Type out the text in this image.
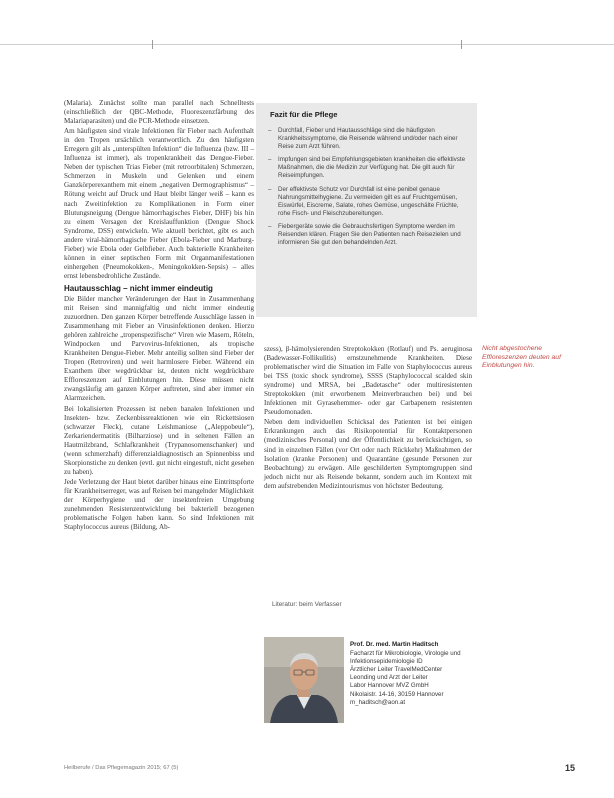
(Malaria). Zunächst sollte man parallel nach Schnelltests (einschließlich der QBC-Methode, Fluoreszenzfärbung des Malariaparasiten) und die PCR-Methode einsetzen.

Am häufigsten sind virale Infektionen für Fieber nach Aufenthalt in den Tropen ursächlich verantwortlich. Zu den häufigsten Erregern gilt als „unterspülten Infektion“ die Influenza (bzw. III – Influenza ist immer), als tropenkrankheit das Dengue-Fieber. Neben der typischen Trias Fieber (mit retroorbitalen) Schmerzen, Schmerzen in Muskeln und Gelenken und einem Ganzkörperexanthem mit einem „negativen Dermographismus“ – Rötung weicht auf Druck und Haut bleibt länger weiß – kann es nach Zweitinfektion zu Komplikationen in Form einer Blutungsneigung (Dengue hämorrhagisches Fieber, DHF) bis hin zu einem Versagen der Kreislauffunktion (Dengue Shock Syndrome, DSS) entwickeln. Wie aktuell berichtet, gibt es auch andere viral-hämorrhagische Fieber (Ebola-Fieber und Marburg-Fieber) wie Ebola oder Gelbfieber. Auch bakterielle Krankheiten können in einer septischen Form mit Organmanifestationen einhergehen (Pneumokokken-, Meningokokken-Sepsis) – alles ernst lebensbedrohliche Zustände.

Hautausschlag – nicht immer eindeutig

Die Bilder mancher Veränderungen der Haut in Zusammenhang mit Reisen sind mannigfaltig und nicht immer eindeutig zuzuordnen. Den ganzen Körper betreffende Ausschläge lassen in Zusammenhang mit Fieber an Virusinfektionen denken. Hierzu gehören zahlreiche „tropenspezifische“ Viren wie Masern, Röteln, Windpocken und Parvovirus-Infektionen, als tropische Krankheiten Dengue-Fieber. Mehr anteilig sollten sind Fieber der Tropen (Retroviren) und weit harmlosere Fieber. Während ein Exanthem über wegdrückbar ist, deuten nicht wegdrückbare Effloreszenzen auf Einblutungen hin. Diese müssen nicht zwangsläufig am ganzen Körper auftreten, sind aber immer ein Alarmzeichen.

Bei lokalisierten Prozessen ist neben banalen Infektionen und Insekten- bzw. Zeckenbissreaktionen wie ein Rickettsiosen (schwarzer Fleck), cutane Leishmaniose („Aleppobeule“), Zerkariendermatitis (Bilharziose) und in seltenen Fällen an Hautmilzbrand, Schlafkrankheit (Trypanosomenschanker) und (wenn schmerzhaft) differenzialdiagnostisch an Spinnenbiss und Skorpionstiche zu denken (evtl. gut nicht eingestuft, nicht gesehen zu haben).

Jede Verletzung der Haut bietet darüber hinaus eine Eintrittspforte für Krankheitserreger, was auf Reisen bei mangelnder Möglichkeit der Körperhygiene und der insektenfreien Umgebung zunehmenden Resistenzentwicklung bei bakteriell bezogenen problematische Folgen haben kann. So sind Infektionen mit Staphylococcus aureus (Bildung, Ab-

Fazit für die Pflege
– Durchfall, Fieber und Hautausschläge sind die häufigsten Krankheitssymptome, die Reisende während und/oder nach einer Reise zum Arzt führen.
– Impfungen sind bei Empfehlungsgebieten krankheiten die effektivste Maßnahmen, die die Medizin zur Verfügung hat. Die gilt auch für Reiseimpfungen.
– Der effektivste Schutz vor Durchfall ist eine penibel genaue Nahrungsmittelhygiene. Zu vermeiden gilt es auf Fruchtgemüsen, Eiswürfel, Eiscreme, Salate, rohes Gemüse, ungeschälte Früchte, rohe Fisch- und Fleischzubereitungen.
– Fiebergeräte sowie die Gebrauchsfertigen Symptome werden im Reisenden klären. Fragen Sie den Patienten nach Reisezielen und informieren Sie gut den behandelnden Arzt.

szess), β-hämolysierenden Streptokokken (Rotlauf) und Ps. aeruginosa (Badewasser-Follikulitis) ernstzunehmende Krankheiten. Diese problematischer wird die Situation im Falle von Staphylococcus aureus bei TSS (toxic shock syndrome), SSSS (Staphylococcal scalded skin syndrome) und MRSA, bei „Badetasche“ oder multiresistenten Streptokokken (mit erworbenem Meinverbrauchen bei) und bei Infektionen mit Gyrasehemmer- oder gar Carbapenem resistenten Pseudomonaden.

Neben dem individuellen Schicksal des Patienten ist bei einigen Erkrankungen auch das Risikopotential für Kontaktpersonen (medizinisches Personal) und der Öffentlichkeit zu berücksichtigen, so sind in einzelnen Fällen (vor Ort oder nach Rückkehr) Maßnahmen der Isolation (kranke Personen) und Quarantäne (gesunde Personen zur Beobachtung) zu erwägen. Alle geschilderten Symptomgruppen sind jedoch nicht nur als Reisende bekannt, sondern auch im Kontext mit dem aufstrebenden Medizintourismus von höchster Bedeutung.

Nicht abgestochene Effloreszenzen deuten auf Einblutungen hin.
Literatur: beim Verfasser
Prof. Dr. med. Martin Haditsch
Facharzt für Mikrobiologie, Virologie und Infektionsepidemiologie ID
Ärztlicher Leiter TravelMedCenter
Leonding und Arzt der Leiter
Labor Hannover MVZ GmbH
Nikolaistr. 14-16, 30159 Hannover
m_haditsch@aon.at
Heilberufe / Das Pflegemagazin 2015; 67 (5)	15
